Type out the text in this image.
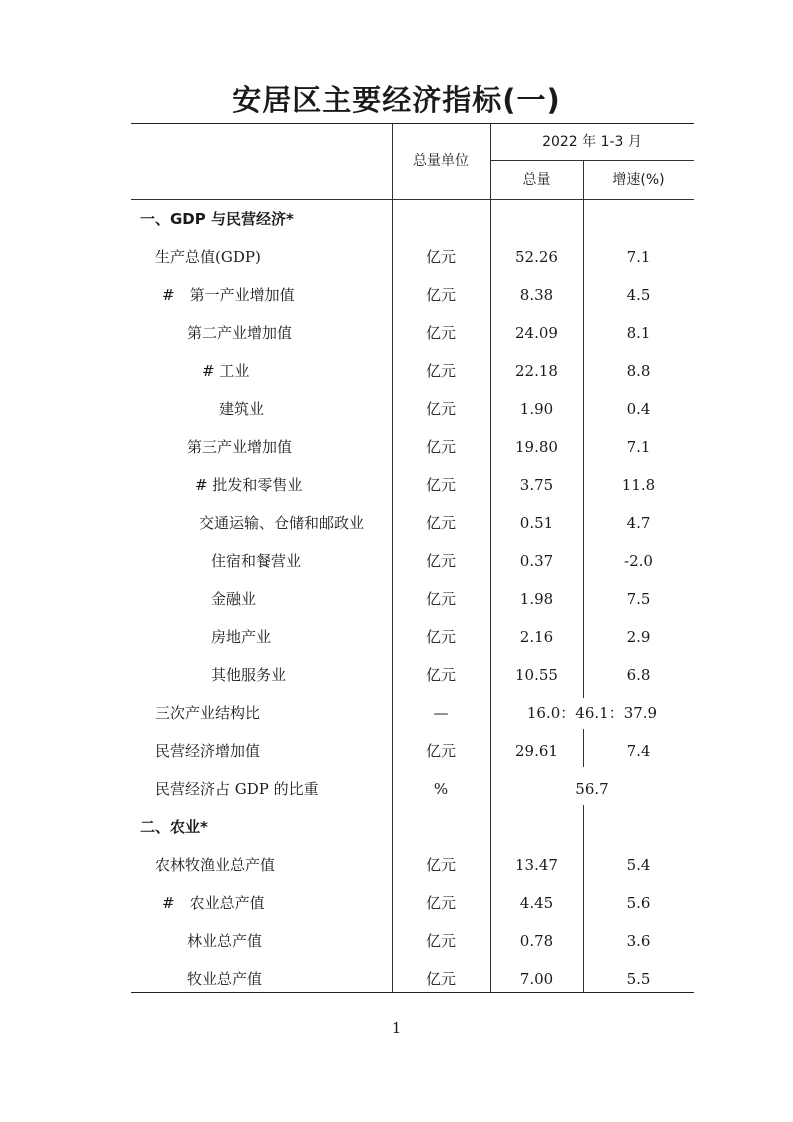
安居区主要经济指标(一)
总量单位
2022 年 1-3 月
总量	增速(%)
一、GDP 与民营经济*
生产总值(GDP)	亿元	52.26	7.1
#　第一产业增加值	亿元	8.38	4.5
第二产业增加值	亿元	24.09	8.1
# 工业	亿元	22.18	8.8
建筑业	亿元	1.90	0.4
第三产业增加值	亿元	19.80	7.1
# 批发和零售业	亿元	3.75	11.8
交通运输、仓储和邮政业	亿元	0.51	4.7
住宿和餐营业	亿元	0.37	-2.0
金融业	亿元	1.98	7.5
房地产业	亿元	2.16	2.9
其他服务业	亿元	10.55	6.8
三次产业结构比	—	16.0：46.1：37.9
民营经济增加值	亿元	29.61	7.4
民营经济占 GDP 的比重	%	56.7
二、农业*
农林牧渔业总产值	亿元	13.47	5.4
#　农业总产值	亿元	4.45	5.6
林业总产值	亿元	0.78	3.6
牧业总产值	亿元	7.00	5.5
1
